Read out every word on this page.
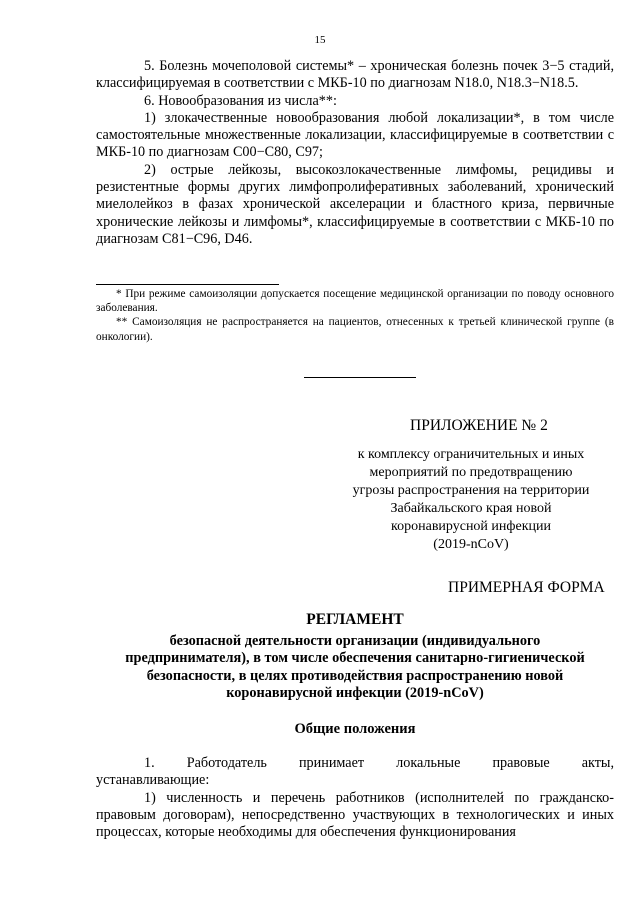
15

5. Болезнь мочеполовой системы* – хроническая болезнь почек 3−5 стадий, классифицируемая в соответствии с МКБ-10 по диагнозам N18.0, N18.3−N18.5.

6. Новообразования из числа**:

1) злокачественные новообразования любой локализации*, в том числе самостоятельные множественные локализации, классифицируемые в соответствии с МКБ-10 по диагнозам С00−С80, С97;

2) острые лейкозы, высокозлокачественные лимфомы, рецидивы и резистентные формы других лимфопролиферативных заболеваний, хронический миелолейкоз в фазах хронической акселерации и бластного криза, первичные хронические лейкозы и лимфомы*, классифицируемые в соответствии с МКБ-10 по диагнозам С81−С96, D46.

* При режиме самоизоляции допускается посещение медицинской организации по поводу основного заболевания.

** Самоизоляция не распространяется на пациентов, отнесенных к третьей клинической группе (в онкологии).

ПРИЛОЖЕНИЕ № 2
к комплексу ограничительных и иных
мероприятий по предотвращению
угрозы распространения на территории
Забайкальского края новой
коронавирусной инфекции
(2019-nCoV)
ПРИМЕРНАЯ ФОРМА
РЕГЛАМЕНТ
безопасной деятельности организации (индивидуального
предпринимателя), в том числе обеспечения санитарно-гигиенической
безопасности, в целях противодействия распространению новой
коронавирусной инфекции (2019-nCoV)
Общие положения

1. Работодатель принимает локальные правовые акты,

устанавливающие:

1) численность и перечень работников (исполнителей по гражданско-правовым договорам), непосредственно участвующих в технологических и иных процессах, которые необходимы для обеспечения функционирования
